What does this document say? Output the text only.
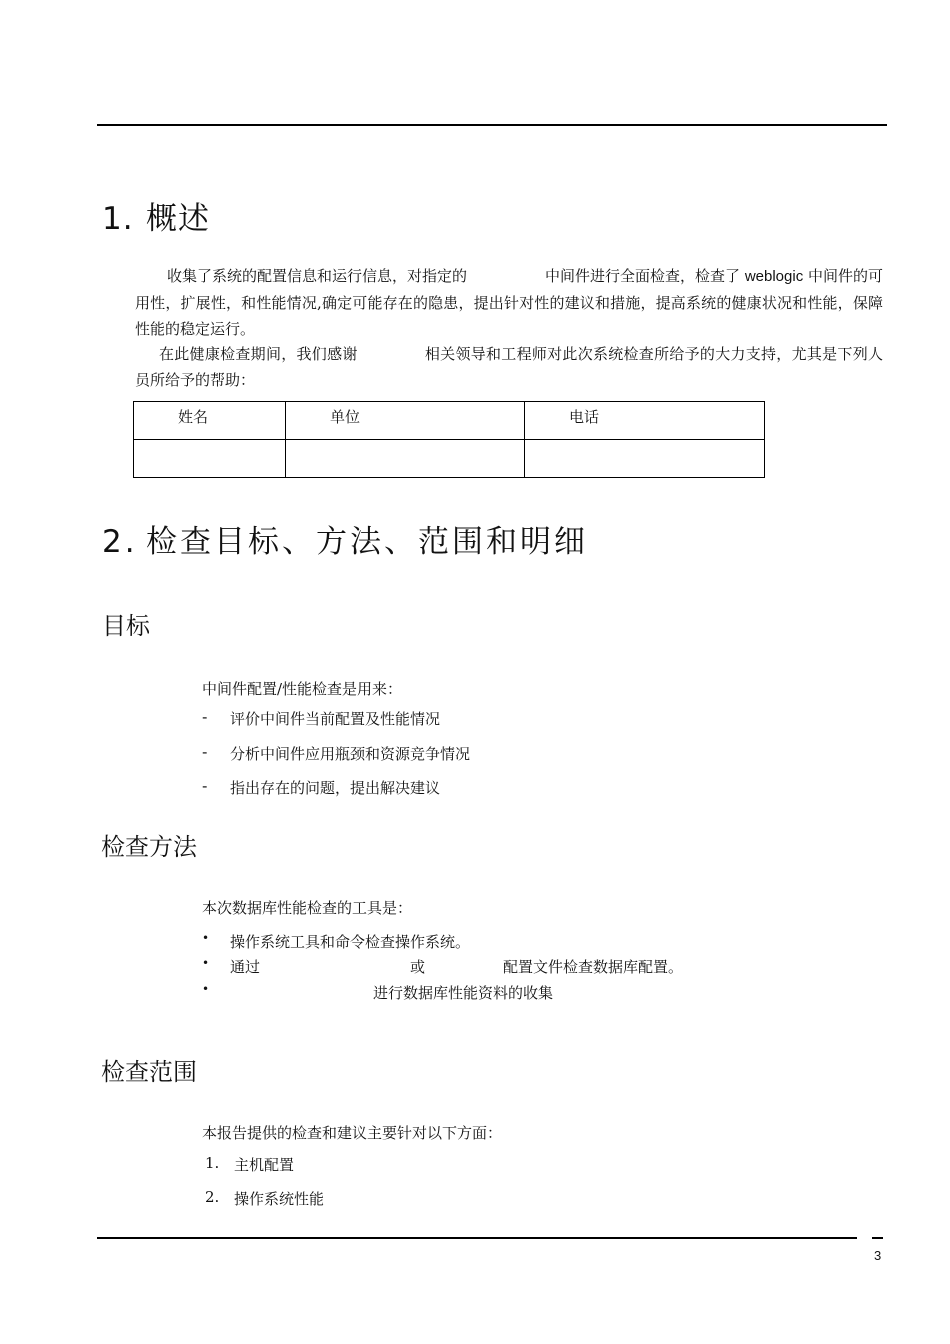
1. 概述
收集了系统的配置信息和运行信息，对指定的	中间件进行全面检查，检查了 weblogic 中间件的可用性，扩展性，和性能情况,确定可能存在的隐患，提出针对性的建议和措施，提高系统的健康状况和性能，保障性能的稳定运行。
在此健康检查期间，我们感谢	相关领导和工程师对此次系统检查所给予的大力支持，尤其是下列人员所给予的帮助：
姓名	单位	电话

2. 检查目标、方法、范围和明细
目标
中间件配置/性能检查是用来：
- 评价中间件当前配置及性能情况
- 分析中间件应用瓶颈和资源竞争情况
- 指出存在的问题，提出解决建议
检查方法
本次数据库性能检查的工具是：
• 操作系统工具和命令检查操作系统。
• 通过	或	配置文件检查数据库配置。
•	进行数据库性能资料的收集
检查范围
本报告提供的检查和建议主要针对以下方面：
1. 主机配置
2. 操作系统性能
3
